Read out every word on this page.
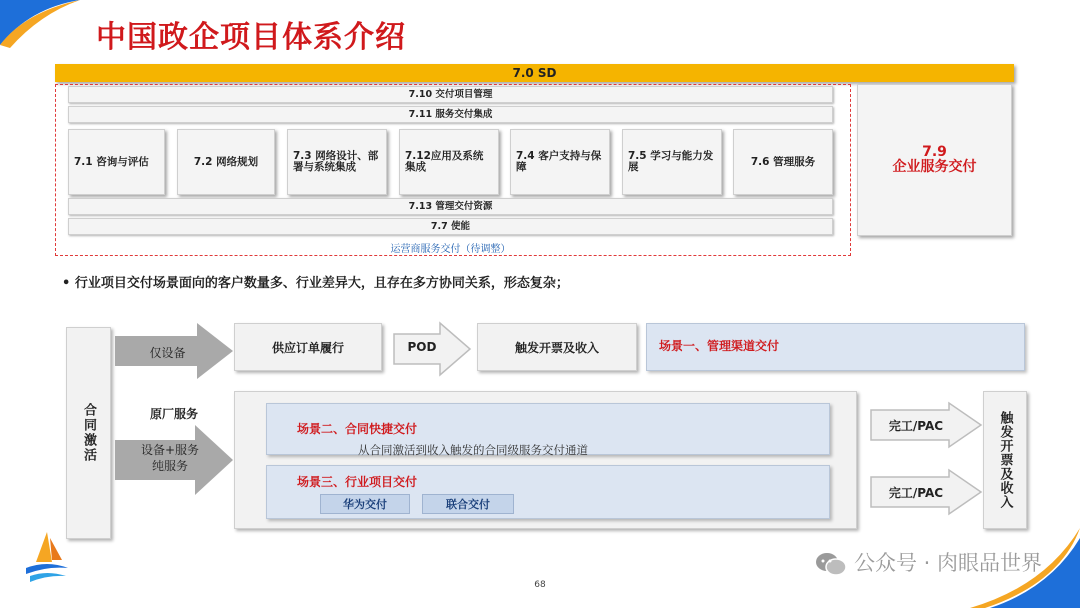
中国政企项目体系介绍
7.0 SD
7.10 交付项目管理
7.11 服务交付集成
7.1 咨询与评估	7.2 网络规划	7.3 网络设计、部署与系统集成
7.12应用及系统集成
7.4 客户支持与保障
7.5 学习与能力发展	7.6 管理服务
7.13 管理交付资源
7.7 使能
运营商服务交付（待调整）
7.9
企业服务交付
• 行业项目交付场景面向的客户数量多、行业差异大，且存在多方协同关系，形态复杂；
合同激活
仅设备	供应订单履行	POD	触发开票及收入	场景一、管理渠道交付
原厂服务
设备+服务
纯服务
场景二、合同快捷交付
从合同激活到收入触发的合同级服务交付通道
场景三、行业项目交付
华为交付	联合交付
完工/PAC
完工/PAC	触发开票及收入
公众号 · 肉眼品世界
68
